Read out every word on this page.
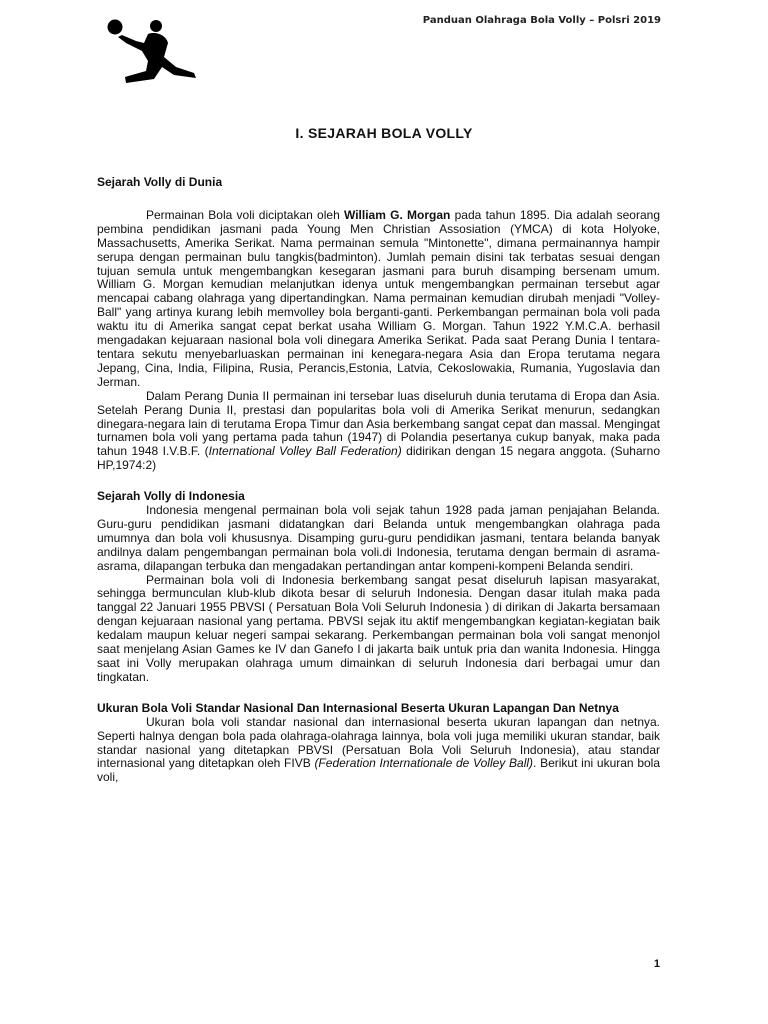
Panduan Olahraga Bola Volly – Polsri 2019
I. SEJARAH BOLA VOLLY
Sejarah Volly di Dunia

Permainan Bola voli diciptakan oleh William G. Morgan pada tahun 1895. Dia adalah seorang pembina pendidikan jasmani pada Young Men Christian Assosiation (YMCA) di kota Holyoke, Massachusetts, Amerika Serikat. Nama permainan semula "Mintonette", dimana permainannya hampir serupa dengan permainan bulu tangkis(badminton). Jumlah pemain disini tak terbatas sesuai dengan tujuan semula untuk mengembangkan kesegaran jasmani para buruh disamping bersenam umum. William G. Morgan kemudian melanjutkan idenya untuk mengembangkan permainan tersebut agar mencapai cabang olahraga yang dipertandingkan. Nama permainan kemudian dirubah menjadi "Volley-Ball" yang artinya kurang lebih memvolley bola berganti-ganti. Perkembangan permainan bola voli pada waktu itu di Amerika sangat cepat berkat usaha William G. Morgan. Tahun 1922 Y.M.C.A. berhasil mengadakan kejuaraan nasional bola voli dinegara Amerika Serikat. Pada saat Perang Dunia I tentara-tentara sekutu menyebarluaskan permainan ini kenegara-negara Asia dan Eropa terutama negara Jepang, Cina, India, Filipina, Rusia, Perancis,Estonia, Latvia, Cekoslowakia, Rumania, Yugoslavia dan Jerman.

Dalam Perang Dunia II permainan ini tersebar luas diseluruh dunia terutama di Eropa dan Asia. Setelah Perang Dunia II, prestasi dan popularitas bola voli di Amerika Serikat menurun, sedangkan dinegara-negara lain di terutama Eropa Timur dan Asia berkembang sangat cepat dan massal. Mengingat turnamen bola voli yang pertama pada tahun (1947) di Polandia pesertanya cukup banyak, maka pada tahun 1948 I.V.B.F. (International Volley Ball Federation) didirikan dengan 15 negara anggota. (Suharno HP,1974:2)

Sejarah Volly di Indonesia

Indonesia mengenal permainan bola voli sejak tahun 1928 pada jaman penjajahan Belanda. Guru-guru pendidikan jasmani didatangkan dari Belanda untuk mengembangkan olahraga pada umumnya dan bola voli khususnya. Disamping guru-guru pendidikan jasmani, tentara belanda banyak andilnya dalam pengembangan permainan bola voli.di Indonesia, terutama dengan bermain di asrama-asrama, dilapangan terbuka dan mengadakan pertandingan antar kompeni-kompeni Belanda sendiri.

Permainan bola voli di Indonesia berkembang sangat pesat diseluruh lapisan masyarakat, sehingga bermunculan klub-klub dikota besar di seluruh Indonesia. Dengan dasar itulah maka pada tanggal 22 Januari 1955 PBVSI ( Persatuan Bola Voli Seluruh Indonesia ) di dirikan di Jakarta bersamaan dengan kejuaraan nasional yang pertama. PBVSI sejak itu aktif mengembangkan kegiatan-kegiatan baik kedalam maupun keluar negeri sampai sekarang. Perkembangan permainan bola voli sangat menonjol saat menjelang Asian Games ke IV dan Ganefo I di jakarta baik untuk pria dan wanita Indonesia. Hingga saat ini Volly merupakan olahraga umum dimainkan di seluruh Indonesia dari berbagai umur dan tingkatan.

Ukuran Bola Voli Standar Nasional Dan Internasional Beserta Ukuran Lapangan Dan Netnya

Ukuran bola voli standar nasional dan internasional beserta ukuran lapangan dan netnya. Seperti halnya dengan bola pada olahraga-olahraga lainnya, bola voli juga memiliki ukuran standar, baik standar nasional yang ditetapkan PBVSI (Persatuan Bola Voli Seluruh Indonesia), atau standar internasional yang ditetapkan oleh FIVB (Federation Internationale de Volley Ball). Berikut ini ukuran bola voli,

1
